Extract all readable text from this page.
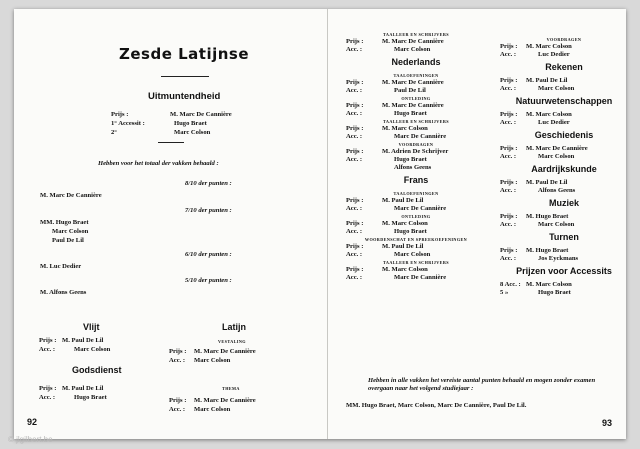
Zesde Latijnse
Uitmuntendheid
Prijs :	M. Marc De Cannière
1° Accessit :	Hugo Braet
2°	Marc Colson
Hebben voor het totaal der vakken behaald :
8/10 der punten :
M. Marc De Cannière
7/10 der punten :
MM. Hugo Braet
Marc Colson
Paul De Lil
6/10 der punten :
M. Luc Dedier
5/10 der punten :
M. Alfons Geens
Vlijt
Prijs : M. Paul De Lil
Acc. :	Marc Colson
Godsdienst
Prijs : M. Paul De Lil
Acc. :	Hugo Braet
Latijn
VESTALING
Prijs : M. Marc De Cannière
Acc. : Marc Colson
THEMA
Prijs : M. Marc De Cannière
Acc. : Marc Colson
92
TAALLEER EN SCHRIJVERS
Prijs :	M. Marc De Cannière
Acc. :	Marc Colson
Nederlands
TAALOEFENINGEN
Prijs :	M. Marc De Cannière
Acc. :	Paul De Lil
ONTLEDING
Prijs :	M. Marc De Cannière
Acc. :	Hugo Braet
TAALLEER EN SCHRIJVERS
Prijs :	M. Marc Colson
Acc. :	Marc De Cannière
VOORDRAGEN
Prijs :	M. Adrien De Schrijver
Acc. :	Hugo Braet
Alfons Geens
Frans
TAALOEFENINGEN
Prijs :	M. Paul De Lil
Acc. :	Marc De Cannière
ONTLEDING
Prijs :	M. Marc Colson
Acc. :	Hugo Braet
WOORDENSCHAT EN SPREEKOEFENINGEN
Prijs :	M. Paul De Lil
Acc. :	Marc Colson
TAALLEER EN SCHRIJVERS
Prijs :	M. Marc Colson
Acc. :	Marc De Cannière
VOORDRAGEN
Prijs : M. Marc Colson
Acc. :	Luc Dedier
Rekenen
Prijs : M. Paul De Lil
Acc. :	Marc Colson
Natuurwetenschappen
Prijs : M. Marc Colson
Acc. :	Luc Dedier
Geschiedenis
Prijs : M. Marc De Cannière
Acc. :	Marc Colson
Aardrijkskunde
Prijs : M. Paul De Lil
Acc. :	Alfons Geens
Muziek
Prijs : M. Hugo Braet
Acc. :	Marc Colson
Turnen
Prijs : M. Hugo Braet
Acc. :	Jos Eyckmans
Prijzen voor Accessits
8 Acc. : M. Marc Colson
5 »	Hugo Braet
Hebben in alle vakken het vereiste aantal punten behaald en mogen zonder examen
overgaan naar het volgend studiejaar :
MM. Hugo Braet, Marc Colson, Marc De Cannière, Paul De Lil.
93
© jlgilbert.be
